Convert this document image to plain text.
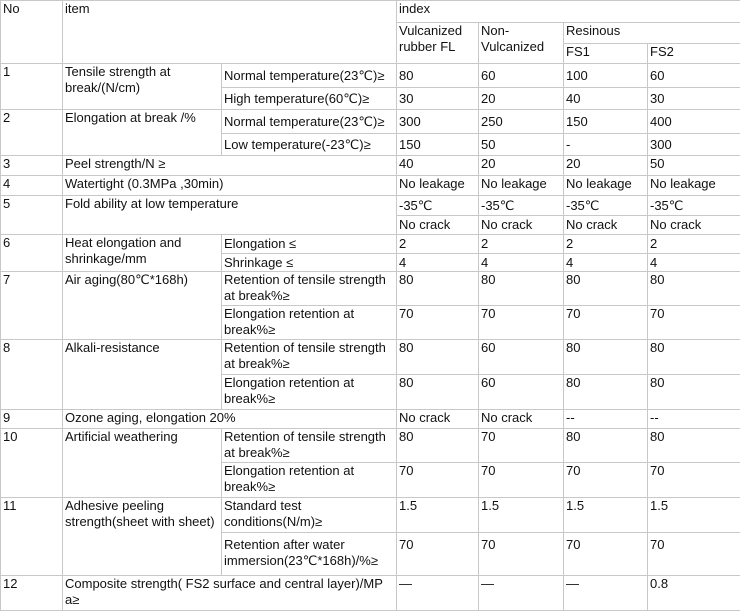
No	item		index			
			Vulcanized rubber FL	Non-Vulcanized	Resinous	
					FS1	FS2
1	Tensile strength at break/(N/cm)	Normal temperature(23℃)≥	80	60	100	60
		High temperature(60℃)≥	30	20	40	30
2	Elongation at break /%	Normal temperature(23℃)≥	300	250	150	400
		Low temperature(-23℃)≥	150	50	-	300
3	Peel strength/N ≥		40	20	20	50
4	Watertight (0.3MPa ,30min)		No leakage	No leakage	No leakage	No leakage
5	Fold ability at low temperature		-35℃	-35℃	-35℃	-35℃
			No crack	No crack	No crack	No crack
6	Heat elongation and shrinkage/mm	Elongation ≤	2	2	2	2
		Shrinkage ≤	4	4	4	4
7	Air aging(80℃*168h)	Retention of tensile strength at break%≥	80	80	80	80
		Elongation retention at break%≥	70	70	70	70
8	Alkali-resistance	Retention of tensile strength at break%≥	80	60	80	80
		Elongation retention at break%≥	80	60	80	80
9	Ozone aging, elongation 20%		No crack	No crack	--	--
10	Artificial weathering	Retention of tensile strength at break%≥	80	70	80	80
		Elongation retention at break%≥	70	70	70	70
11	Adhesive peeling strength(sheet with sheet)	Standard test conditions(N/m)≥	1.5	1.5	1.5	1.5
		Retention after water immersion(23℃*168h)/%≥	70	70	70	70
12	Composite strength( FS2 surface and central layer)/MP a≥		—	—	—	0.8
